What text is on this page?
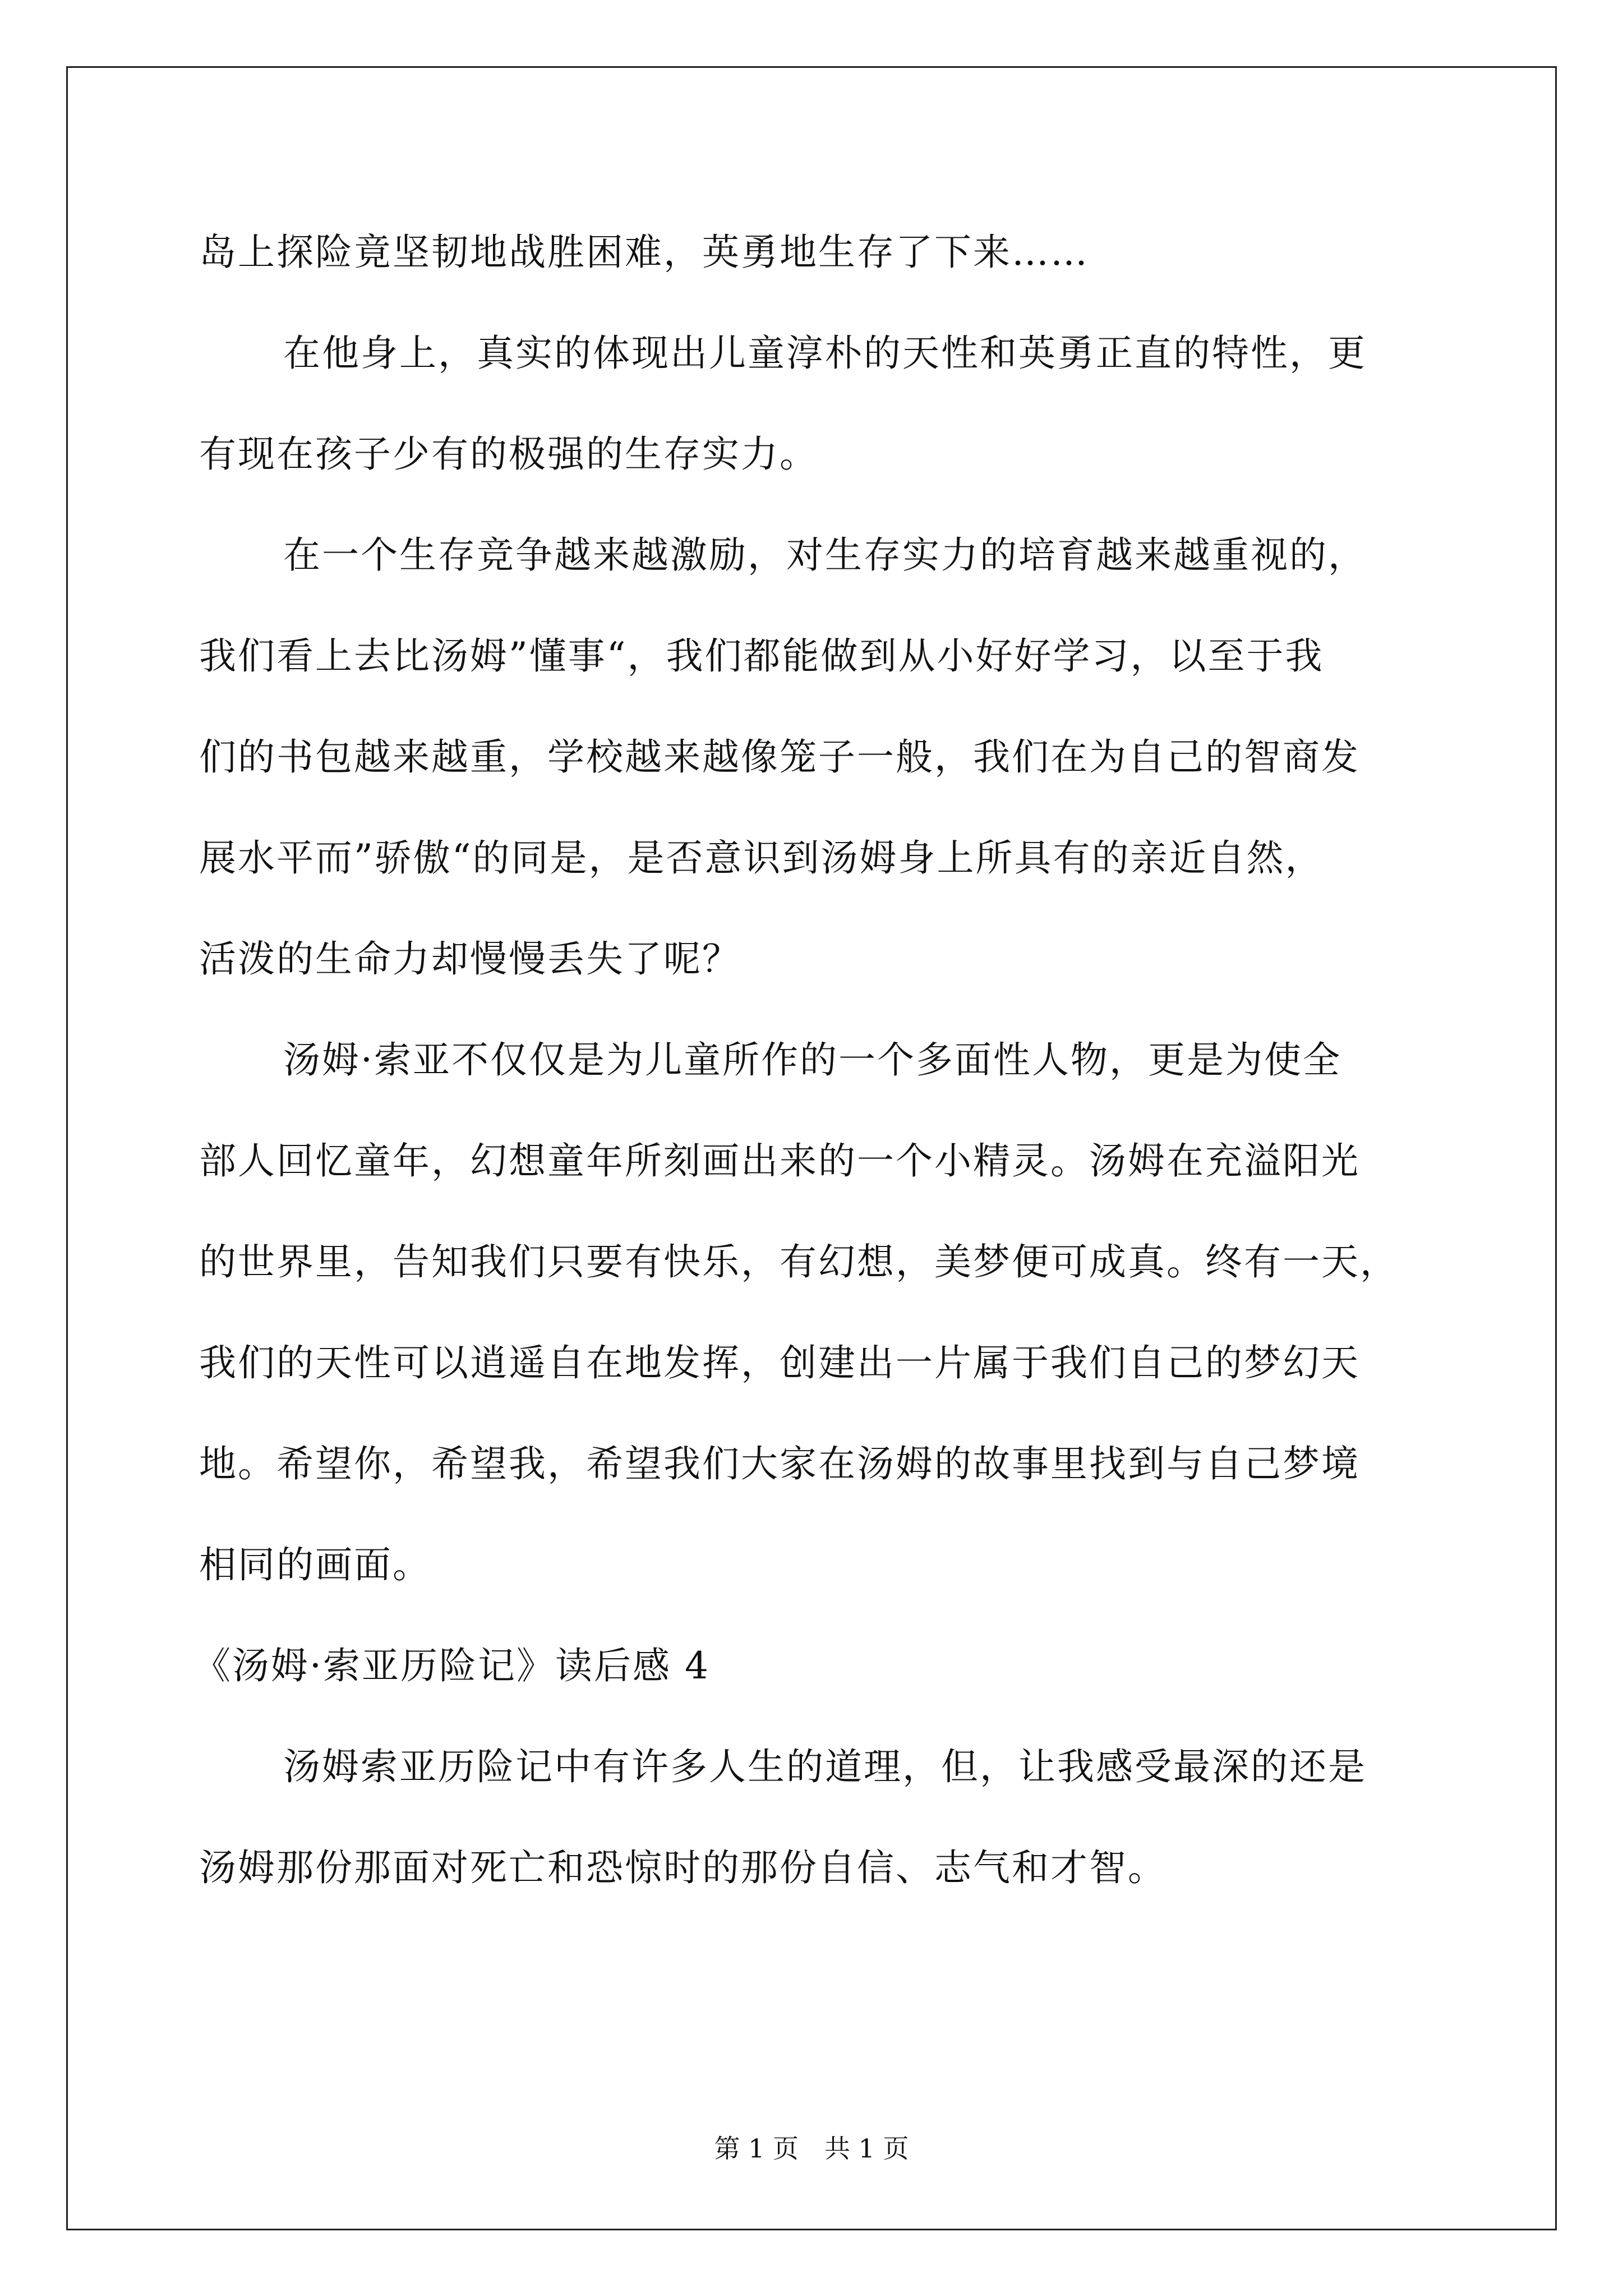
岛上探险竟坚韧地战胜困难，英勇地生存了下来……
在他身上，真实的体现出儿童淳朴的天性和英勇正直的特性，更
有现在孩子少有的极强的生存实力。
在一个生存竞争越来越激励，对生存实力的培育越来越重视的，
我们看上去比汤姆”懂事“，我们都能做到从小好好学习，以至于我
们的书包越来越重，学校越来越像笼子一般，我们在为自己的智商发
展水平而”骄傲“的同是，是否意识到汤姆身上所具有的亲近自然，
活泼的生命力却慢慢丢失了呢？
汤姆·索亚不仅仅是为儿童所作的一个多面性人物，更是为使全
部人回忆童年，幻想童年所刻画出来的一个小精灵。汤姆在充溢阳光
的世界里，告知我们只要有快乐，有幻想，美梦便可成真。终有一天，
我们的天性可以逍遥自在地发挥，创建出一片属于我们自己的梦幻天
地。希望你，希望我，希望我们大家在汤姆的故事里找到与自己梦境
相同的画面。
《汤姆·索亚历险记》读后感 4
汤姆索亚历险记中有许多人生的道理，但，让我感受最深的还是
汤姆那份那面对死亡和恐惊时的那份自信、志气和才智。
第 1 页　共 1 页
